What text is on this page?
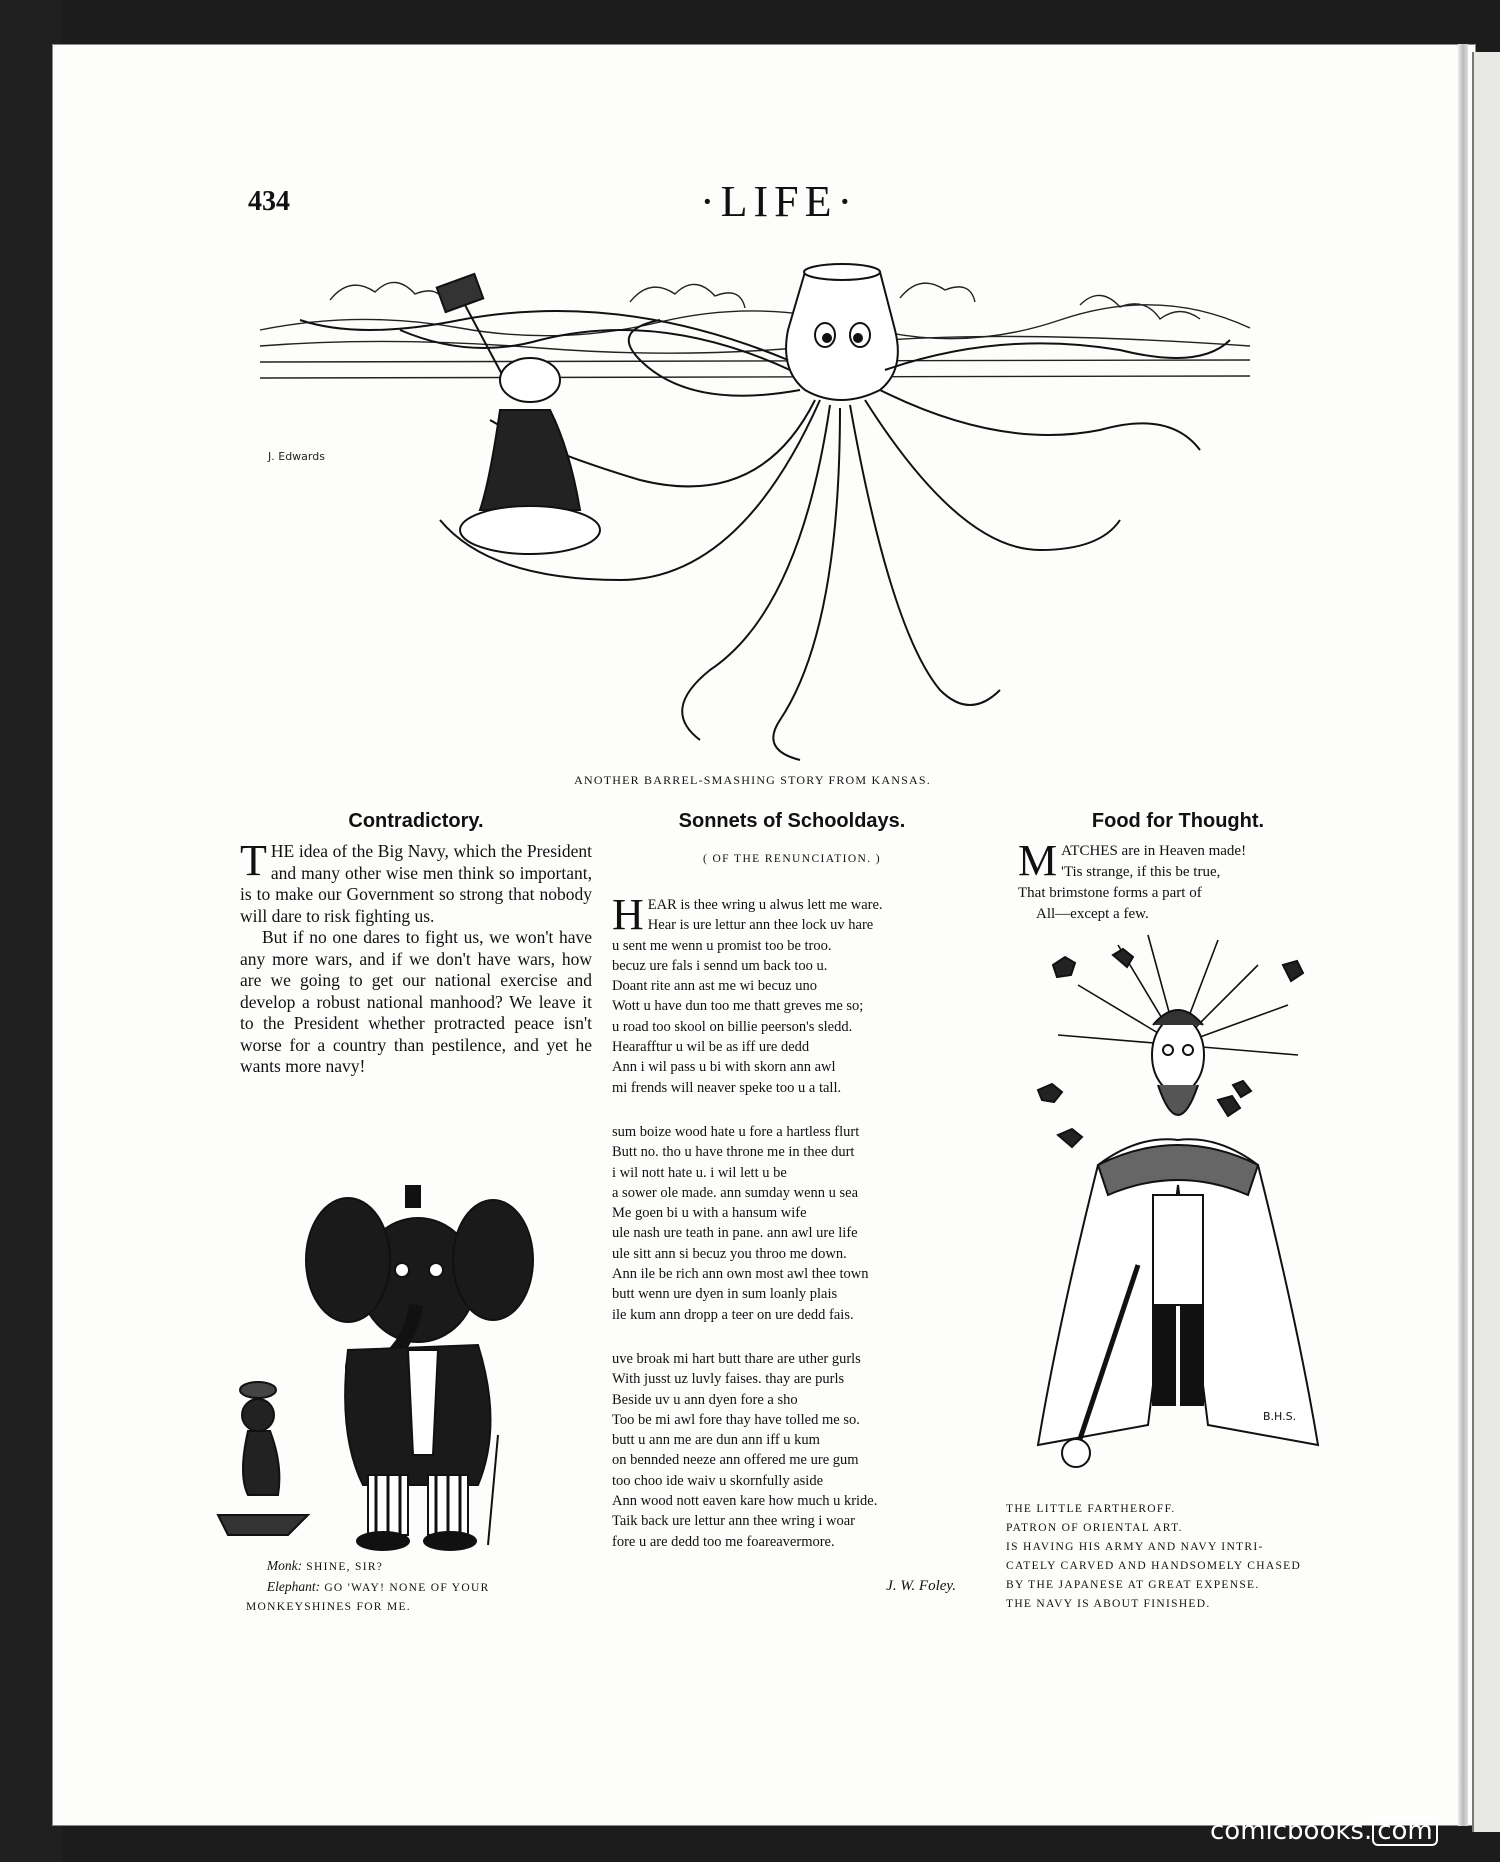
434	·LIFE·
J. Edwards
ANOTHER BARREL-SMASHING STORY FROM KANSAS.
Contradictory.

THE idea of the Big Navy, which the President and many other wise men think so important, is to make our Government so strong that nobody will dare to risk fighting us.

But if no one dares to fight us, we won't have any more wars, and if we don't have wars, how are we going to get our national exercise and develop a robust national manhood? We leave it to the President whether protracted peace isn't worse for a country than pestilence, and yet he wants more navy!

Monk: SHINE, SIR?
Elephant: GO 'WAY! NONE OF YOUR MONKEYSHINES FOR ME.
Sonnets of Schooldays.
( OF THE RENUNCIATION. )
H EAR is thee wring u alwus lett me ware.
Hear is ure lettur ann thee lock uv hare
u sent me wenn u promist too be troo.
becuz ure fals i sennd um back too u.
Doant rite ann ast me wi becuz uno
Wott u have dun too me thatt greves me so;
u road too skool on billie peerson's sledd.
Hearafftur u wil be as iff ure dedd
Ann i wil pass u bi with skorn ann awl
mi frends will neaver speke too u a tall.
sum boize wood hate u fore a hartless flurt
Butt no. tho u have throne me in thee durt
i wil nott hate u. i wil lett u be
a sower ole made. ann sumday wenn u sea
Me goen bi u with a hansum wife
ule nash ure teath in pane. ann awl ure life
ule sitt ann si becuz you throo me down.
Ann ile be rich ann own most awl thee town
butt wenn ure dyen in sum loanly plais
ile kum ann dropp a teer on ure dedd fais.
uve broak mi hart butt thare are uther gurls
With jusst uz luvly faises. thay are purls
Beside uv u ann dyen fore a sho
Too be mi awl fore thay have tolled me so.
butt u ann me are dun ann iff u kum
on bennded neeze ann offered me ure gum
too choo ide waiv u skornfully aside
Ann wood nott eaven kare how much u kride.
Taik back ure lettur ann thee wring i woar
fore u are dedd too me foareavermore.
J. W. Foley.
Food for Thought.
M ATCHES are in Heaven made!
'Tis strange, if this be true,
That brimstone forms a part of
All—except a few.
B.H.S.
THE LITTLE FARTHEROFF.
PATRON OF ORIENTAL ART.
IS HAVING HIS ARMY AND NAVY INTRI-
CATELY CARVED AND HANDSOMELY CHASED
BY THE JAPANESE AT GREAT EXPENSE.
THE NAVY IS ABOUT FINISHED.
comicbooks. com
